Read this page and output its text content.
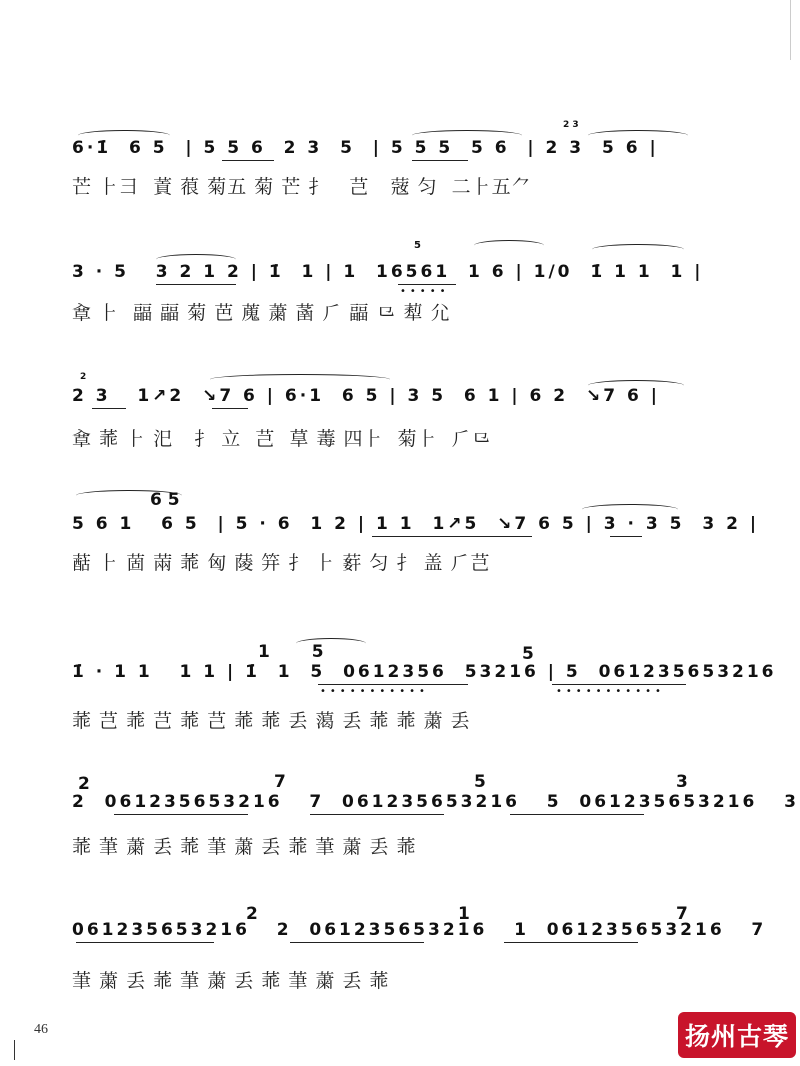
2 3
6·1̇  6 5  | 5 5 6  2 3  5  | 5 5 5  5 6  | 2 3  5 6 |
芒 ⺊⺕  䔈 䓳 菊五 菊 芒 扌   芑   䓻 匀  二⺊五⺈
5
3 · 5   3 2 1 2 | 1̇  1 | 1  16561  1 6 | 1/0  1̇ 1 1  1 |
•••••
䓥 ⺊  㽬 㽬 菊 芭 䕇 䔥 䓿 ⺁ 㽬 ⺋ 䔣 ⺏
2
2 3   1↗2  ↘7 6 | 6·1  6 5 | 3 5  6 1 | 6 2  ↘7 6 |
䓥 䓙 ⺊ 汜   扌 立  芑  䓍 䓯 四⺊  菊⺊  ⺁⺋
6 5
5 6 1   6 5  | 5 · 6  1 2 | 1 1  1↗5  ↘7 6 5 | 3 · 3 5  3 2 |
䔯 ⺊ 䓢 䓣 䓙 匈 䔖 笄 扌 ⺊ 䓸 匀 扌 盖 ⺁芑
1 5	5
1̇ · 1 1   1 1 | 1̇  1  5  0612356  53216 | 5  061235653216
•••••••••••	•••••••••••
䓙 芑 䓙 芑 䓙 芑 䓙 䓙 丢 䔽 丢 䓙 䓙 䔥 丢
2	7	5	3
2  061235653216   7  061235653216   5  061235653216   3
䓙 茟 䔥 丢 䓙 茟 䔥 丢 䓙 茟 䔥 丢 䓙
2	1	7
061235653216   2  061235653216   1  061235653216   7
茟 䔥 丢 䓙 茟 䔥 丢 䓙 茟 䔥 丢 䓙
46	扬州古琴
